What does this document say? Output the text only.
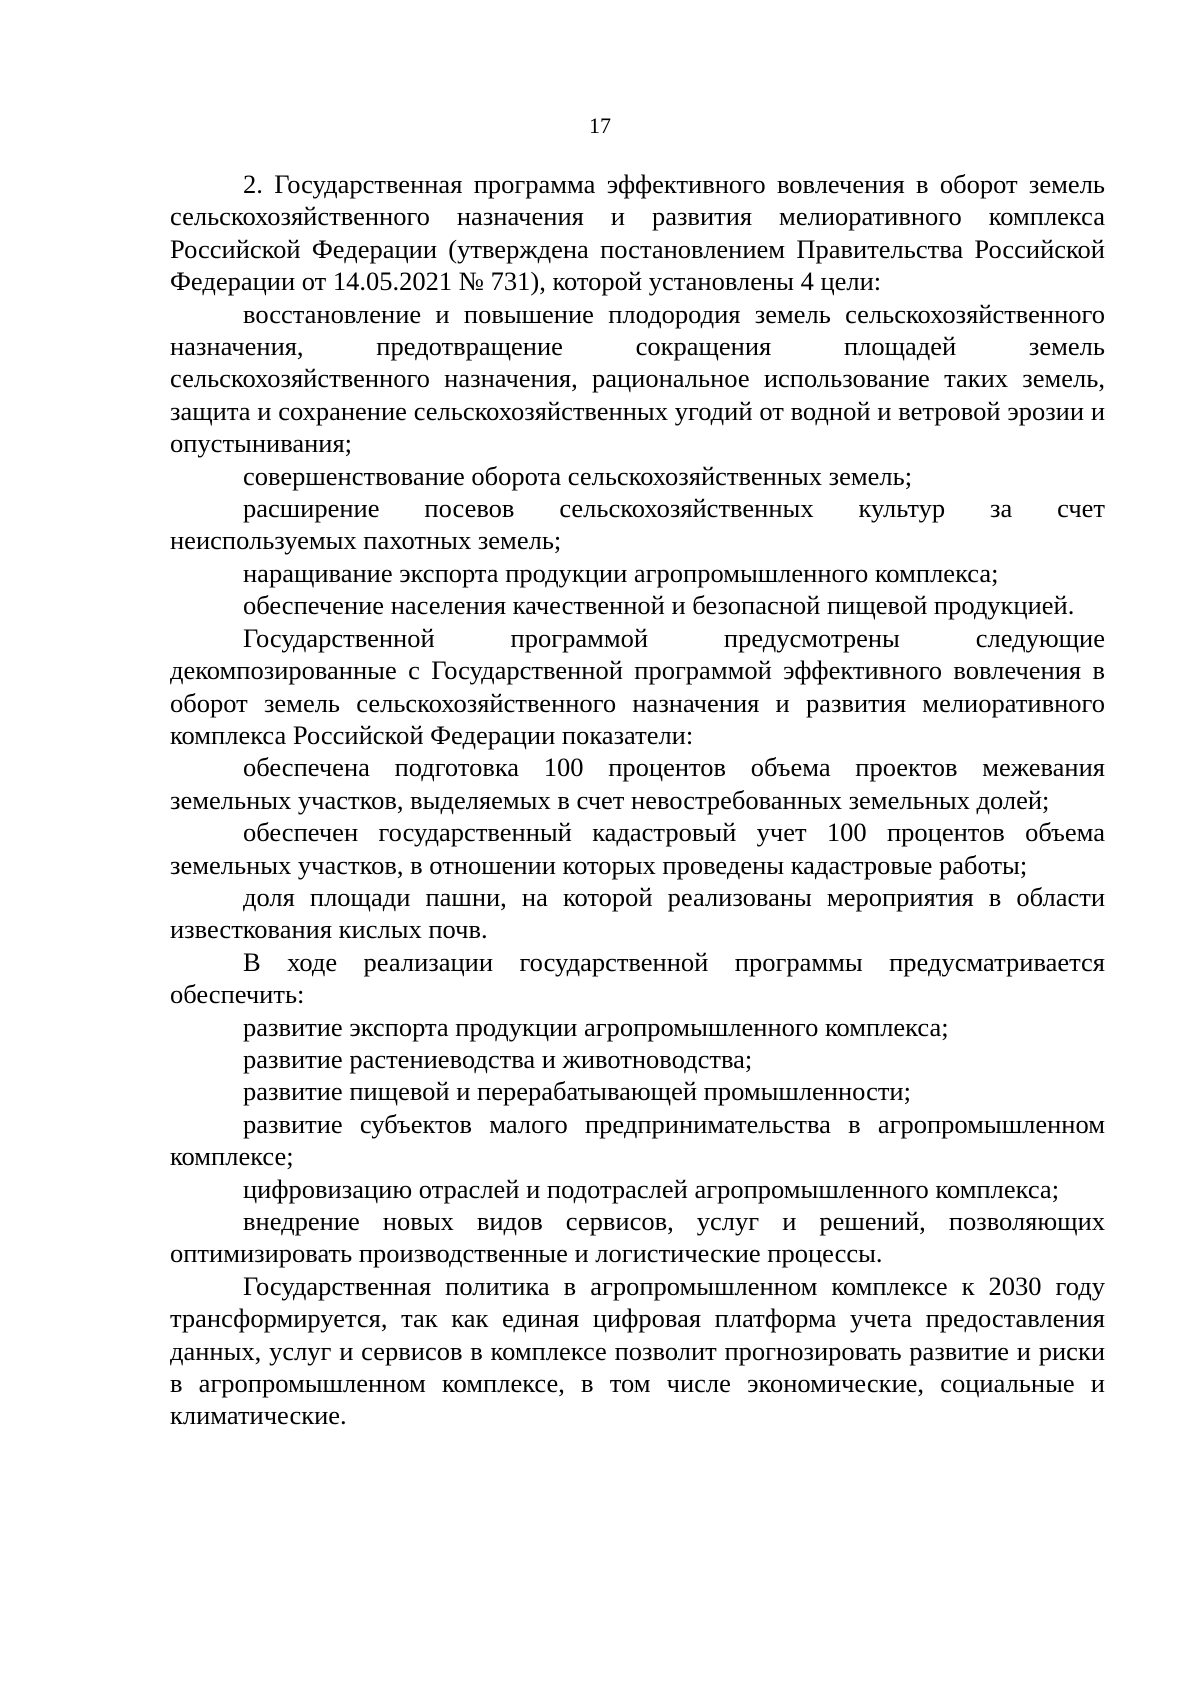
17

2. Государственная программа эффективного вовлечения в оборот земель сельскохозяйственного назначения и развития мелиоративного комплекса Российской Федерации (утверждена постановлением Правительства Российской Федерации от 14.05.2021 № 731), которой установлены 4 цели:

восстановление и повышение плодородия земель сельскохозяйственного назначения, предотвращение сокращения площадей земель сельскохозяйственного назначения, рациональное использование таких земель, защита и сохранение сельскохозяйственных угодий от водной и ветровой эрозии и опустынивания;

совершенствование оборота сельскохозяйственных земель;

расширение посевов сельскохозяйственных культур за счет неиспользуемых пахотных земель;

наращивание экспорта продукции агропромышленного комплекса;

обеспечение населения качественной и безопасной пищевой продукцией.

Государственной программой предусмотрены следующие декомпозированные с Государственной программой эффективного вовлечения в оборот земель сельскохозяйственного назначения и развития мелиоративного комплекса Российской Федерации показатели:

обеспечена подготовка 100 процентов объема проектов межевания земельных участков, выделяемых в счет невостребованных земельных долей;

обеспечен государственный кадастровый учет 100 процентов объема земельных участков, в отношении которых проведены кадастровые работы;

доля площади пашни, на которой реализованы мероприятия в области известкования кислых почв.

В ходе реализации государственной программы предусматривается обеспечить:

развитие экспорта продукции агропромышленного комплекса;

развитие растениеводства и животноводства;

развитие пищевой и перерабатывающей промышленности;

развитие субъектов малого предпринимательства в агропромышленном комплексе;

цифровизацию отраслей и подотраслей агропромышленного комплекса;

внедрение новых видов сервисов, услуг и решений, позволяющих оптимизировать производственные и логистические процессы.

Государственная политика в агропромышленном комплексе к 2030 году трансформируется, так как единая цифровая платформа учета предоставления данных, услуг и сервисов в комплексе позволит прогнозировать развитие и риски в агропромышленном комплексе, в том числе экономические, социальные и климатические.
